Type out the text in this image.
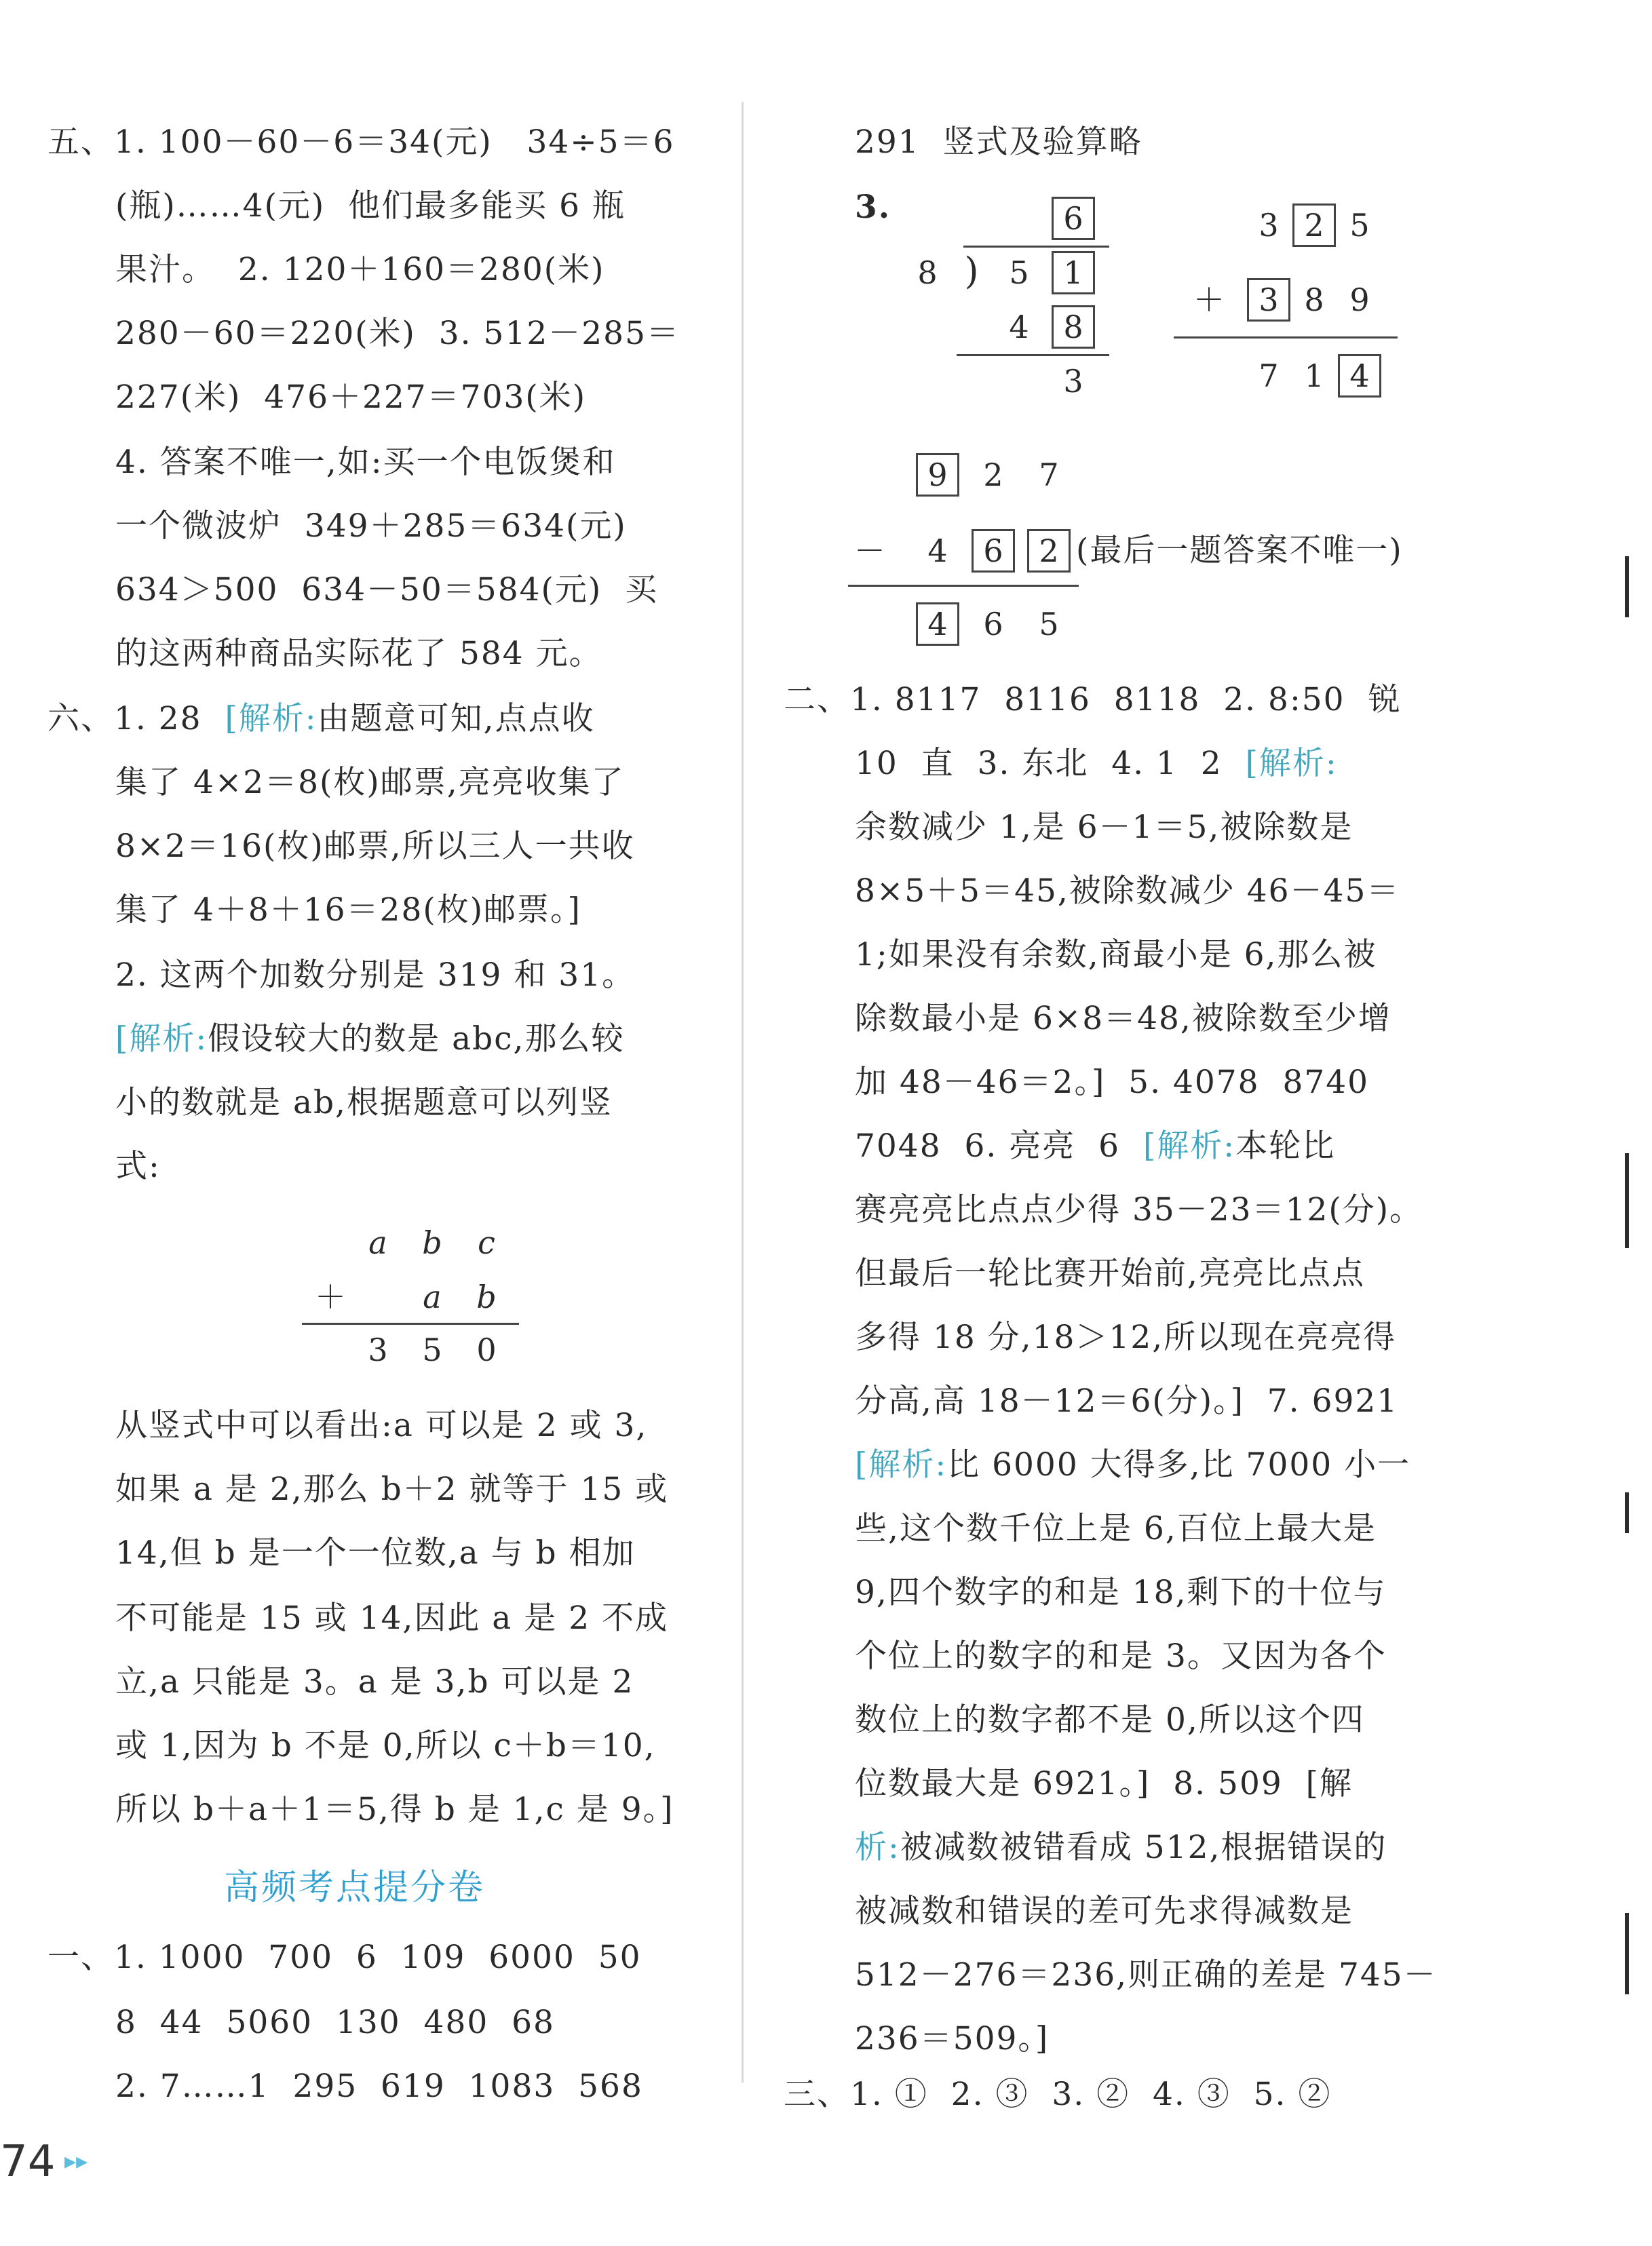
五、1. 100－60－6＝34(元)   34÷5＝6
(瓶)……4(元)  他们最多能买 6 瓶
果汁。  2. 120＋160＝280(米)
280－60＝220(米)  3. 512－285＝
227(米)  476＋227＝703(米)
4. 答案不唯一,如:买一个电饭煲和
一个微波炉  349＋285＝634(元)
634＞500  634－50＝584(元)  买
的这两种商品实际花了 584 元。
六、1. 28  [解析:由题意可知,点点收
集了 4×2＝8(枚)邮票,亮亮收集了
8×2＝16(枚)邮票,所以三人一共收
集了 4＋8＋16＝28(枚)邮票。]
2. 这两个加数分别是 319 和 31。
[解析:假设较大的数是 abc,那么较
小的数就是 ab,根据题意可以列竖
式:
a	b	c
＋	a	b
3	5	0
从竖式中可以看出:a 可以是 2 或 3,
如果 a 是 2,那么 b＋2 就等于 15 或
14,但 b 是一个一位数,a 与 b 相加
不可能是 15 或 14,因此 a 是 2 不成
立,a 只能是 3。a 是 3,b 可以是 2
或 1,因为 b 不是 0,所以 c＋b＝10,
所以 b＋a＋1＝5,得 b 是 1,c 是 9。]
高频考点提分卷
一、1. 1000  700  6  109  6000  50
8  44  5060  130  480  68
2. 7……1  295  619  1083  568
291  竖式及验算略
3.	6
8 ) 5	1
4	8
3
3 2 5
＋	3 8 9
7 1 4
9	2	7
－	4	6	2 (最后一题答案不唯一)
4	6	5
二、1. 8117  8116  8118  2. 8:50  锐
10  直  3. 东北  4. 1  2  [解析:
余数减少 1,是 6－1＝5,被除数是
8×5＋5＝45,被除数减少 46－45＝
1;如果没有余数,商最小是 6,那么被
除数最小是 6×8＝48,被除数至少增
加 48－46＝2。]  5. 4078  8740
7048  6. 亮亮  6  [解析:本轮比
赛亮亮比点点少得 35－23＝12(分)。
但最后一轮比赛开始前,亮亮比点点
多得 18 分,18＞12,所以现在亮亮得
分高,高 18－12＝6(分)。]  7. 6921
[解析:比 6000 大得多,比 7000 小一
些,这个数千位上是 6,百位上最大是
9,四个数字的和是 18,剩下的十位与
个位上的数字的和是 3。又因为各个
数位上的数字都不是 0,所以这个四
位数最大是 6921。]  8. 509  [解
析:被减数被错看成 512,根据错误的
被减数和错误的差可先求得减数是
512－276＝236,则正确的差是 745－
236＝509。]
三、1. ①  2. ③  3. ②  4. ③  5. ②
74 ▸▸
